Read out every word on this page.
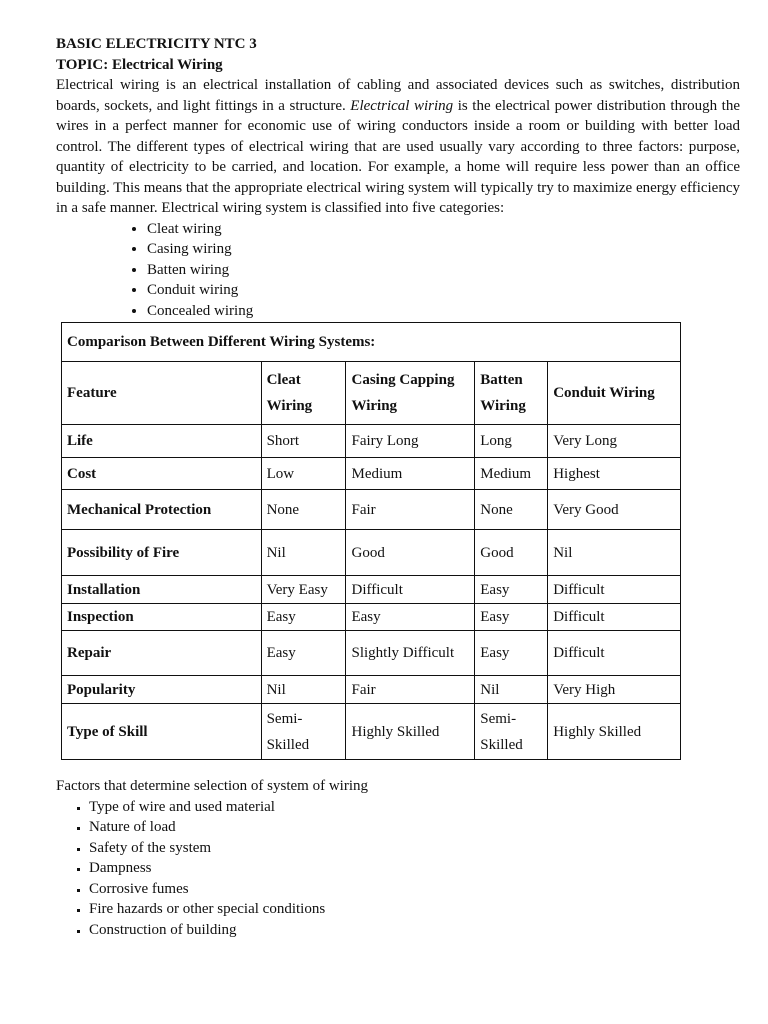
BASIC ELECTRICITY NTC 3

TOPIC: Electrical Wiring

Electrical wiring is an electrical installation of cabling and associated devices such as switches, distribution boards, sockets, and light fittings in a structure. Electrical wiring is the electrical power distribution through the wires in a perfect manner for economic use of wiring conductors inside a room or building with better load control. The different types of electrical wiring that are used usually vary according to three factors: purpose, quantity of electricity to be carried, and location. For example, a home will require less power than an office building. This means that the appropriate electrical wiring system will typically try to maximize energy efficiency in a safe manner. Electrical wiring system is classified into five categories:

• Cleat wiring
• Casing wiring
• Batten wiring
• Conduit wiring
• Concealed wiring
Comparison Between Different Wiring Systems:				
Feature	Cleat Wiring	Casing Capping Wiring	Batten Wiring	Conduit Wiring
Life	Short	Fairy Long	Long	Very Long
Cost	Low	Medium	Medium	Highest
Mechanical Protection	None	Fair	None	Very Good
Possibility of Fire	Nil	Good	Good	Nil
Installation	Very Easy	Difficult	Easy	Difficult
Inspection	Easy	Easy	Easy	Difficult
Repair	Easy	Slightly Difficult	Easy	Difficult
Popularity	Nil	Fair	Nil	Very High
Type of Skill	Semi-Skilled	Highly Skilled	Semi-Skilled	Highly Skilled

Factors that determine selection of system of wiring

▪ Type of wire and used material
▪ Nature of load
▪ Safety of the system
▪ Dampness
▪ Corrosive fumes
▪ Fire hazards or other special conditions
▪ Construction of building
